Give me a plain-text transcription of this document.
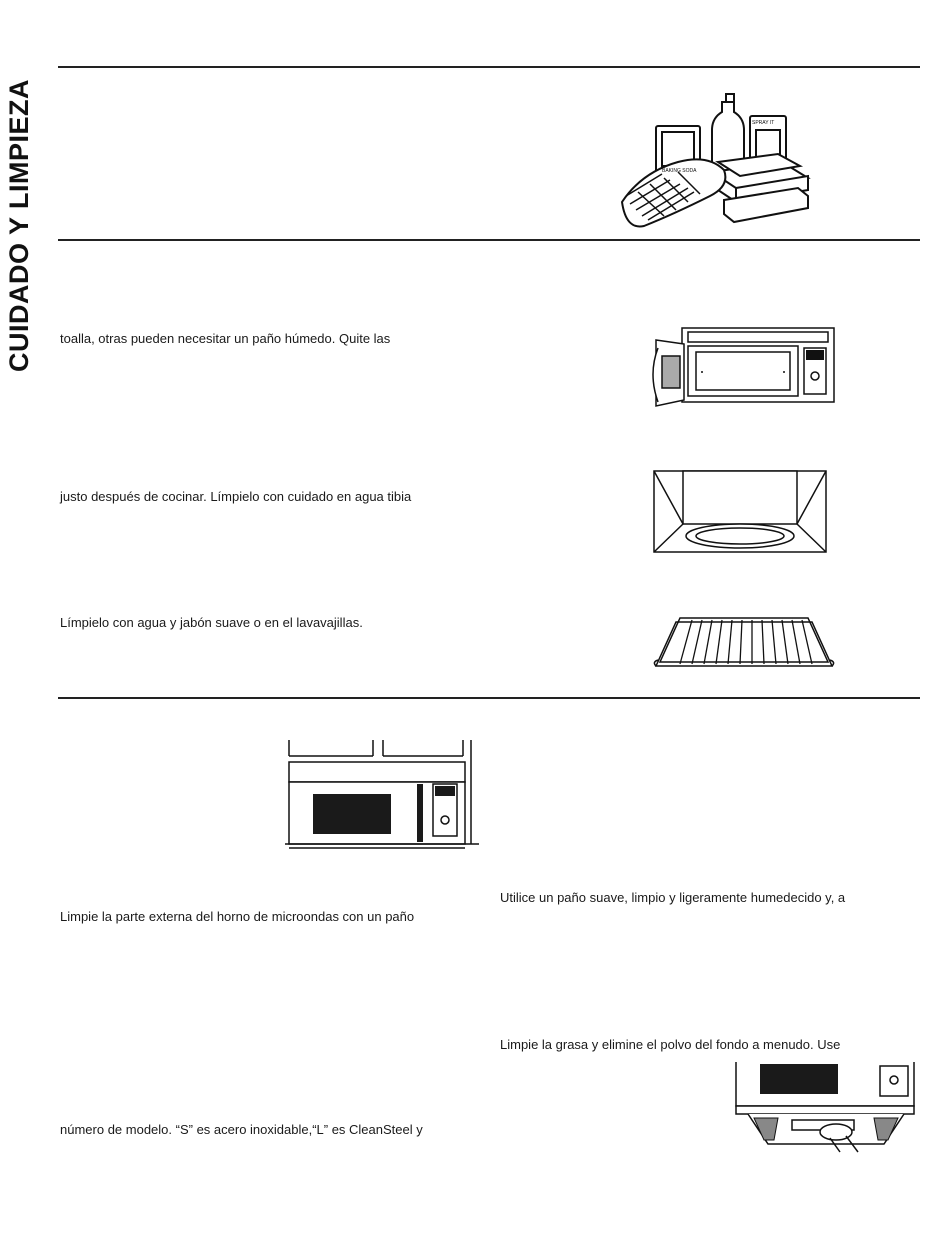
CUIDADO Y LIMPIEZA	BAKING SODA
SPRAY IT
toalla, otras pueden necesitar un paño húmedo. Quite las
justo después de cocinar. Límpielo con cuidado en agua tibia
Límpielo con agua y jabón suave o en el lavavajillas.
Limpie la parte externa del horno de microondas con un paño
número de modelo. “S” es acero inoxidable,“L” es CleanSteel y
Utilice un paño suave, limpio y ligeramente humedecido y, a
Limpie la grasa y elimine el polvo del fondo a menudo. Use
